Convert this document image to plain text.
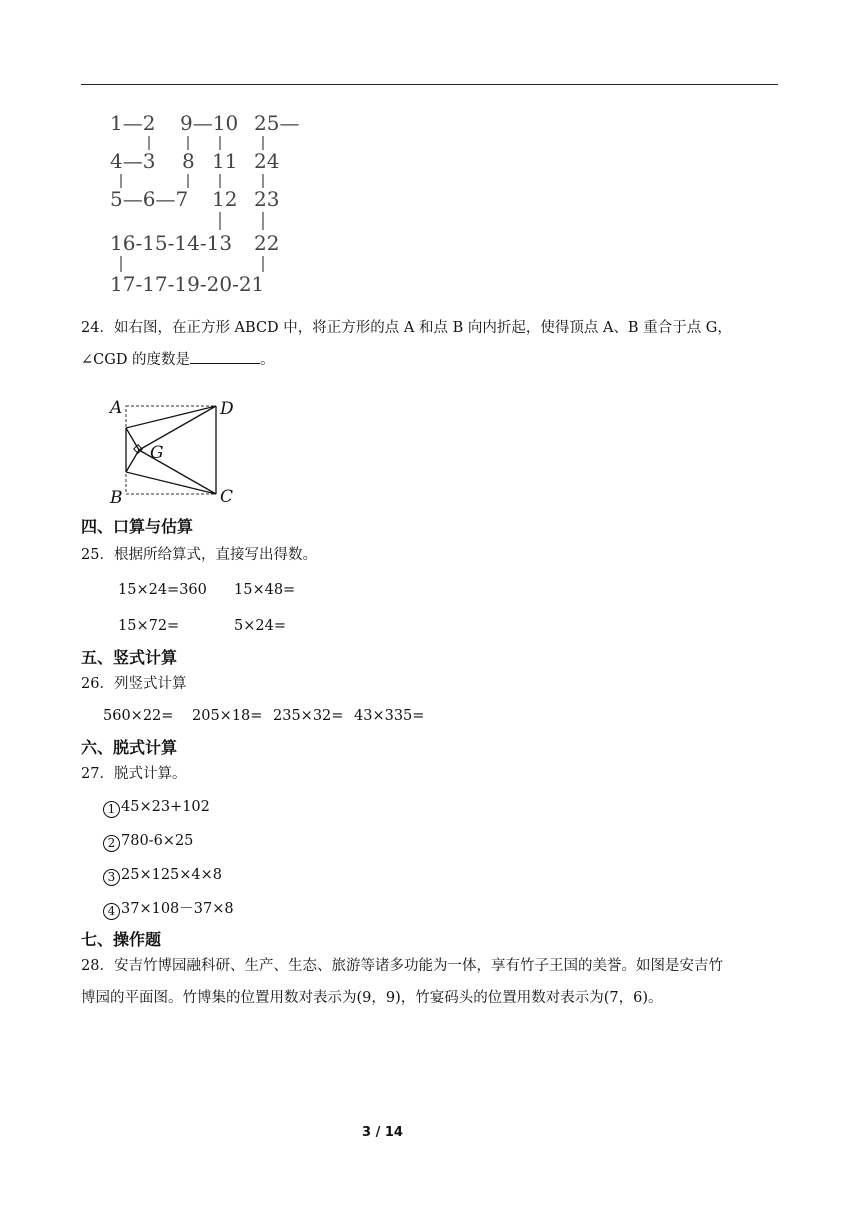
1—2 9—10 25—
4—3 8 11 24
5—6—7 12 23
16-15-14-13 22
17-17-19-20-21
24．如右图，在正方形 ABCD 中，将正方形的点 A 和点 B 向内折起，使得顶点 A、B 重合于点 G，
∠CGD 的度数是	。
A	D
G
B	C
四、口算与估算
25．根据所给算式，直接写出得数。
15×24=360 15×48=
15×72=	5×24=
五、竖式计算
26．列竖式计算
560×22= 205×18= 235×32= 43×335=
六、脱式计算
27．脱式计算。
1 45×23+102
2 780-6×25
3 25×125×4×8
4 37×108－37×8
七、操作题
28．安吉竹博园融科研、生产、生态、旅游等诸多功能为一体，享有竹子王国的美誉。如图是安吉竹
博园的平面图。竹博集的位置用数对表示为(9，9)，竹宴码头的位置用数对表示为(7，6)。
3 / 14
